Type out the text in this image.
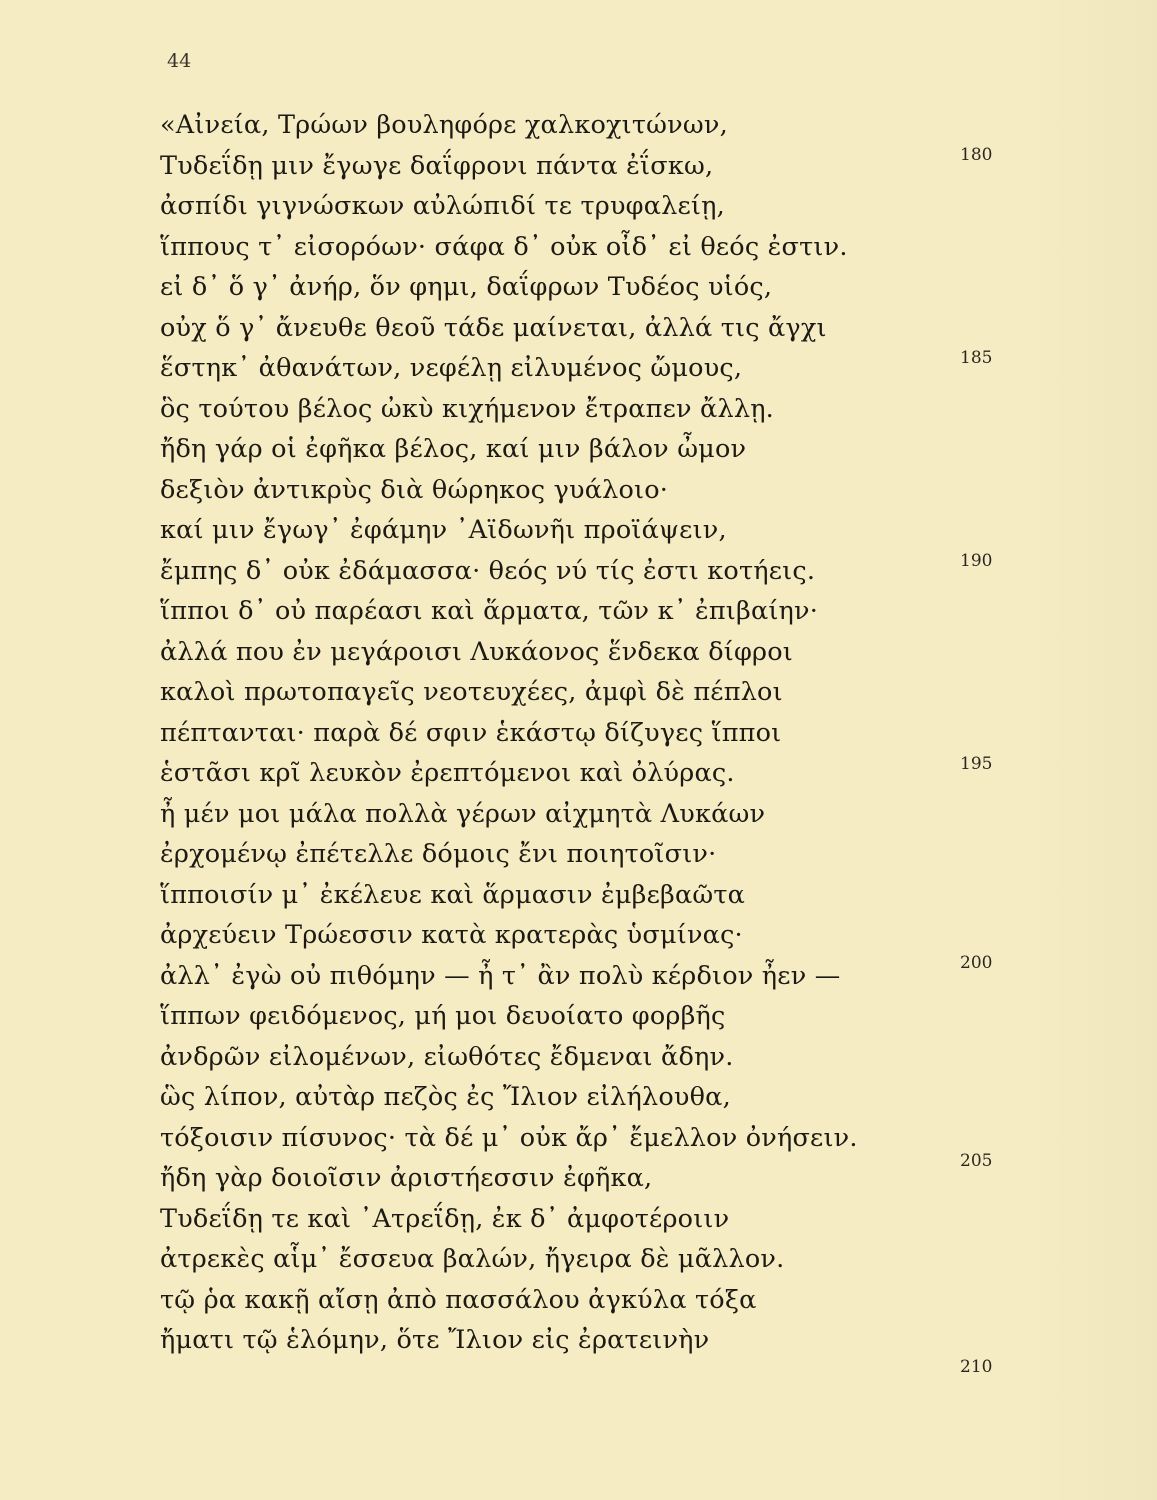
44
«Αἰνεία, Τρώων βουληφόρε χαλκοχιτώνων,
Τυδεΐδῃ μιν ἔγωγε δαΐφρονι πάντα ἐΐσκω,
ἀσπίδι γιγνώσκων αὐλώπιδί τε τρυφαλείῃ,
ἵππους τ᾽ εἰσορόων· σάφα δ᾽ οὐκ οἶδ᾽ εἰ θεός ἐστιν.
εἰ δ᾽ ὅ γ᾽ ἀνήρ, ὅν φημι, δαΐφρων Τυδέος υἱός,
οὐχ ὅ γ᾽ ἄνευθε θεοῦ τάδε μαίνεται, ἀλλά τις ἄγχι
ἕστηκ᾽ ἀθανάτων, νεφέλῃ εἰλυμένος ὤμους,
ὃς τούτου βέλος ὠκὺ κιχήμενον ἔτραπεν ἄλλῃ.
ἤδη γάρ οἱ ἐφῆκα βέλος, καί μιν βάλον ὦμον
δεξιὸν ἀντικρὺς διὰ θώρηκος γυάλοιο·
καί μιν ἔγωγ᾽ ἐφάμην ᾿Αϊδωνῆι προϊάψειν,
ἔμπης δ᾽ οὐκ ἐδάμασσα· θεός νύ τίς ἐστι κοτήεις.
ἵπποι δ᾽ οὐ παρέασι καὶ ἅρματα, τῶν κ᾽ ἐπιβαίην·
ἀλλά που ἐν μεγάροισι Λυκάονος ἕνδεκα δίφροι
καλοὶ πρωτοπαγεῖς νεοτευχέες, ἀμφὶ δὲ πέπλοι
πέπτανται· παρὰ δέ σφιν ἑκάστῳ δίζυγες ἵπποι
ἑστᾶσι κρῖ λευκὸν ἐρεπτόμενοι καὶ ὀλύρας.
ἦ μέν μοι μάλα πολλὰ γέρων αἰχμητὰ Λυκάων
ἐρχομένῳ ἐπέτελλε δόμοις ἔνι ποιητοῖσιν·
ἵπποισίν μ᾽ ἐκέλευε καὶ ἅρμασιν ἐμβεβαῶτα
ἀρχεύειν Τρώεσσιν κατὰ κρατερὰς ὑσμίνας·
ἀλλ᾽ ἐγὼ οὐ πιθόμην — ἦ τ᾽ ἂν πολὺ κέρδιον ἦεν —
ἵππων φειδόμενος, μή μοι δευοίατο φορβῆς
ἀνδρῶν εἰλομένων, εἰωθότες ἔδμεναι ἄδην.
ὣς λίπον, αὐτὰρ πεζὸς ἐς Ἴλιον εἰλήλουθα,
τόξοισιν πίσυνος· τὰ δέ μ᾽ οὐκ ἄρ᾽ ἔμελλον ὀνήσειν.
ἤδη γὰρ δοιοῖσιν ἀριστήεσσιν ἐφῆκα,
Τυδεΐδῃ τε καὶ ᾿Ατρεΐδῃ, ἐκ δ᾽ ἀμφοτέροιιν
ἀτρεκὲς αἷμ᾽ ἔσσευα βαλών, ἤγειρα δὲ μᾶλλον.
τῷ ῥα κακῇ αἴσῃ ἀπὸ πασσάλου ἀγκύλα τόξα
ἤματι τῷ ἑλόμην, ὅτε Ἴλιον εἰς ἐρατεινὴν
180
185
190
195
200
205
210
